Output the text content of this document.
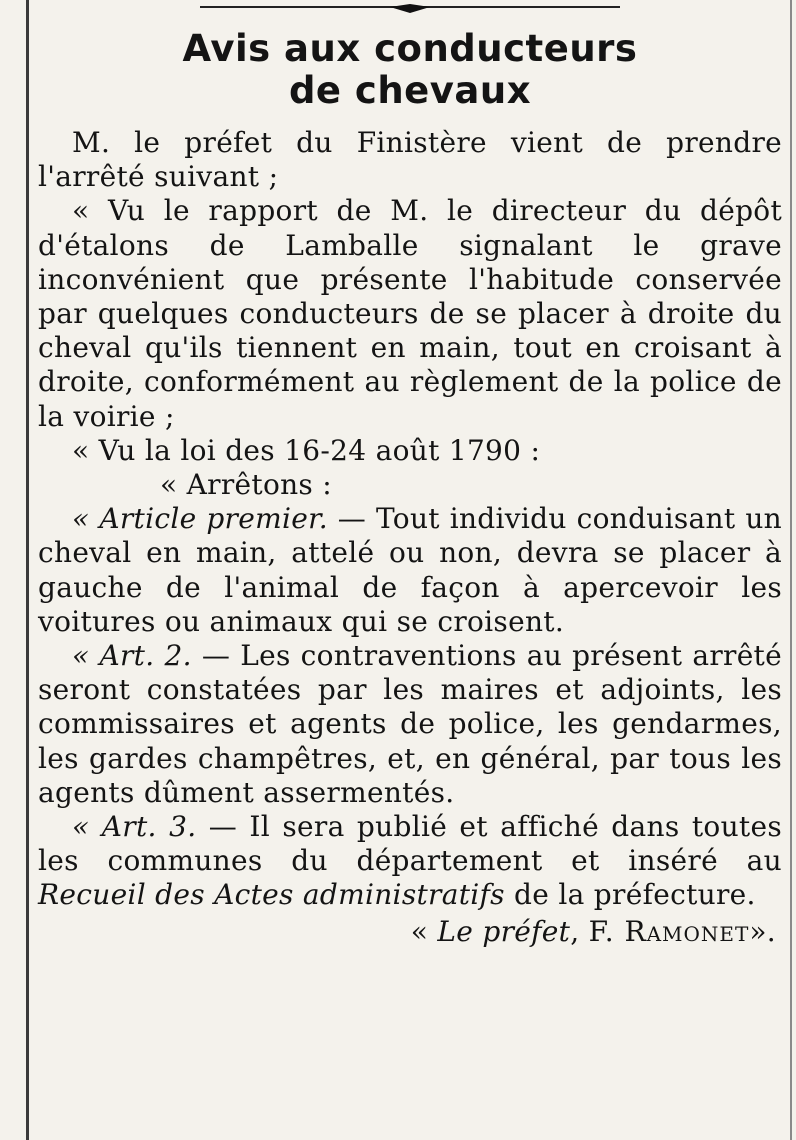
Avis aux conducteurs
de chevaux

M. le préfet du Finistère vient de prendre l'arrêté suivant ;

« Vu le rapport de M. le directeur du dépôt d'étalons de Lamballe signalant le grave inconvénient que présente l'habitude conservée par quelques conducteurs de se placer à droite du cheval qu'ils tiennent en main, tout en croisant à droite, conformément au règlement de la police de la voirie ;

« Vu la loi des 16-24 août 1790 :

« Arrêtons :

« Article premier. — Tout individu conduisant un cheval en main, attelé ou non, devra se placer à gauche de l'animal de façon à apercevoir les voitures ou animaux qui se croisent.

« Art. 2. — Les contraventions au présent arrêté seront constatées par les maires et adjoints, les commissaires et agents de police, les gendarmes, les gardes champêtres, et, en général, par tous les agents dûment assermentés.

« Art. 3. — Il sera publié et affiché dans toutes les communes du département et inséré au Recueil des Actes administratifs de la préfecture.

« Le préfet, F. Ramonet».
